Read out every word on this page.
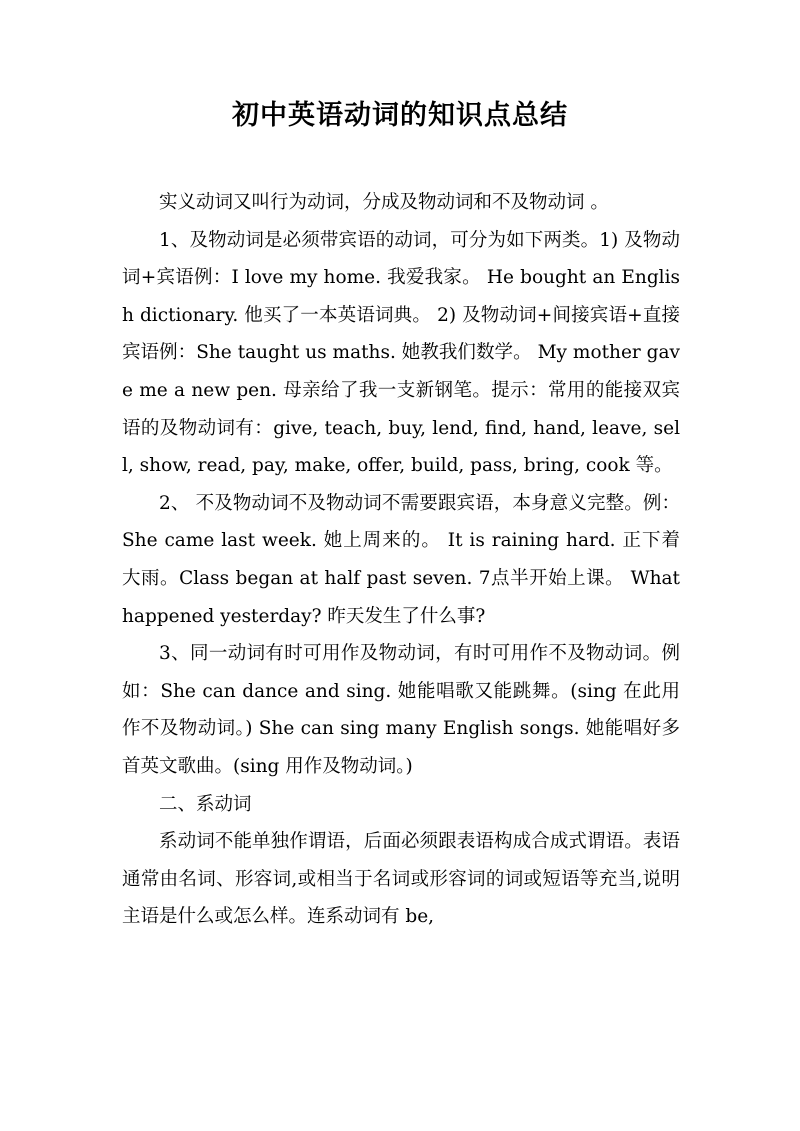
初中英语动词的知识点总结

实义动词又叫行为动词，分成及物动词和不及物动词 。

1、及物动词是必须带宾语的动词，可分为如下两类。1) 及物动词+宾语例：I love my home. 我爱我家。 He bought an English dictionary. 他买了一本英语词典。 2) 及物动词+间接宾语+直接宾语例：She taught us maths. 她教我们数学。 My mother gave me a new pen. 母亲给了我一支新钢笔。提示：常用的能接双宾语的及物动词有：give, teach, buy, lend, find, hand, leave, sell, show, read, pay, make, offer, build, pass, bring, cook 等。

2、 不及物动词不及物动词不需要跟宾语，本身意义完整。例：She came last week. 她上周来的。 It is raining hard. 正下着大雨。Class began at half past seven. 7点半开始上课。 What happened yesterday? 昨天发生了什么事?

3、同一动词有时可用作及物动词，有时可用作不及物动词。例如：She can dance and sing. 她能唱歌又能跳舞。(sing 在此用作不及物动词。) She can sing many English songs. 她能唱好多首英文歌曲。(sing 用作及物动词。)

二、系动词

系动词不能单独作谓语，后面必须跟表语构成合成式谓语。表语通常由名词、形容词,或相当于名词或形容词的词或短语等充当,说明主语是什么或怎么样。连系动词有 be,
